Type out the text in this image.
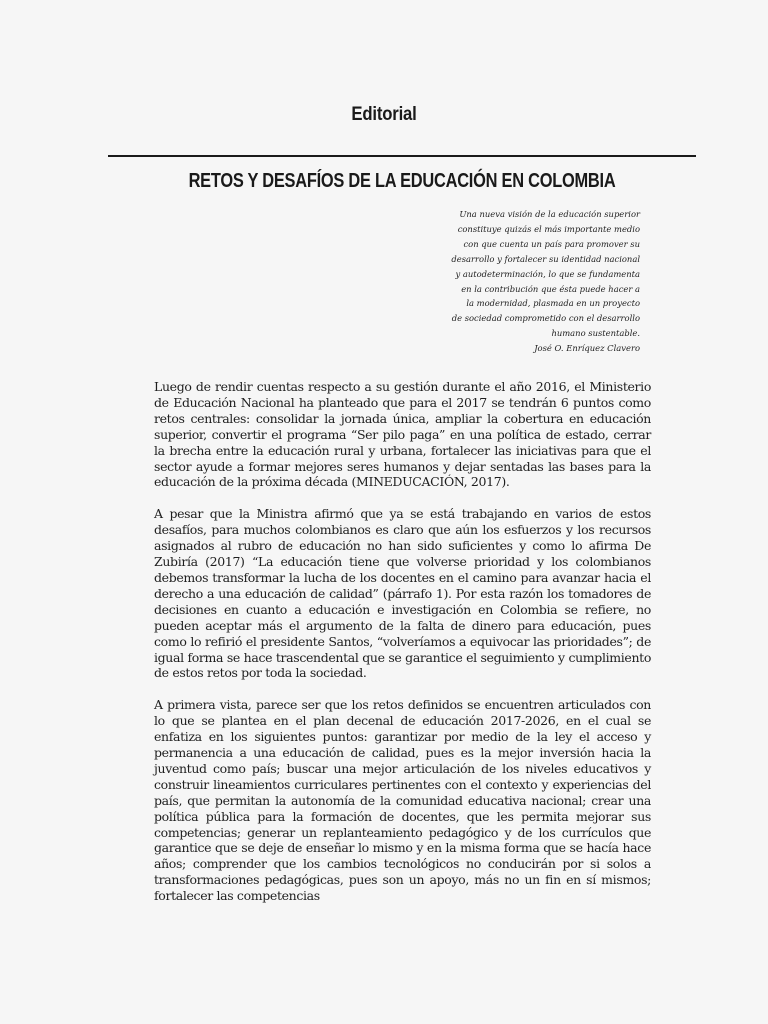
Editorial
RETOS Y DESAFÍOS DE LA EDUCACIÓN EN COLOMBIA
Una nueva visión de la educación superior
constituye quizás el más importante medio
con que cuenta un país para promover su
desarrollo y fortalecer su identidad nacional
y autodeterminación, lo que se fundamenta
en la contribución que ésta puede hacer a
la modernidad, plasmada en un proyecto
de sociedad comprometido con el desarrollo
humano sustentable.
José O. Enríquez Clavero

Luego de rendir cuentas respecto a su gestión durante el año 2016, el Ministerio de Educación Nacional ha planteado que para el 2017 se tendrán 6 puntos como retos centrales: consolidar la jornada única, ampliar la cobertura en educación superior, convertir el programa “Ser pilo paga” en una política de estado, cerrar la brecha entre la educación rural y urbana, fortalecer las iniciativas para que el sector ayude a formar mejores seres humanos y dejar sentadas las bases para la educación de la próxima década (MINEDUCACIÓN, 2017).

A pesar que la Ministra afirmó que ya se está trabajando en varios de estos desafíos, para muchos colombianos es claro que aún los esfuerzos y los recursos asignados al rubro de educación no han sido suficientes y como lo afirma De Zubiría (2017) “La educación tiene que volverse prioridad y los colombianos debemos transformar la lucha de los docentes en el camino para avanzar hacia el derecho a una educación de calidad” (párrafo 1). Por esta razón los tomadores de decisiones en cuanto a educación e investigación en Colombia se refiere, no pueden aceptar más el argumento de la falta de dinero para educación, pues como lo refirió el presidente Santos, “volveríamos a equivocar las prioridades”; de igual forma se hace trascendental que se garantice el seguimiento y cumplimiento de estos retos por toda la sociedad.

A primera vista, parece ser que los retos definidos se encuentren articulados con lo que se plantea en el plan decenal de educación 2017-2026, en el cual se enfatiza en los siguientes puntos: garantizar por medio de la ley el acceso y permanencia a una educación de calidad, pues es la mejor inversión hacia la juventud como país; buscar una mejor articulación de los niveles educativos y construir lineamientos curriculares pertinentes con el contexto y experiencias del país, que permitan la autonomía de la comunidad educativa nacional; crear una política pública para la formación de docentes, que les permita mejorar sus competencias; generar un replanteamiento pedagógico y de los currículos que garantice que se deje de enseñar lo mismo y en la misma forma que se hacía hace años; comprender que los cambios tecnológicos no conducirán por si solos a transformaciones pedagógicas, pues son un apoyo, más no un fin en sí mismos; fortalecer las competencias
